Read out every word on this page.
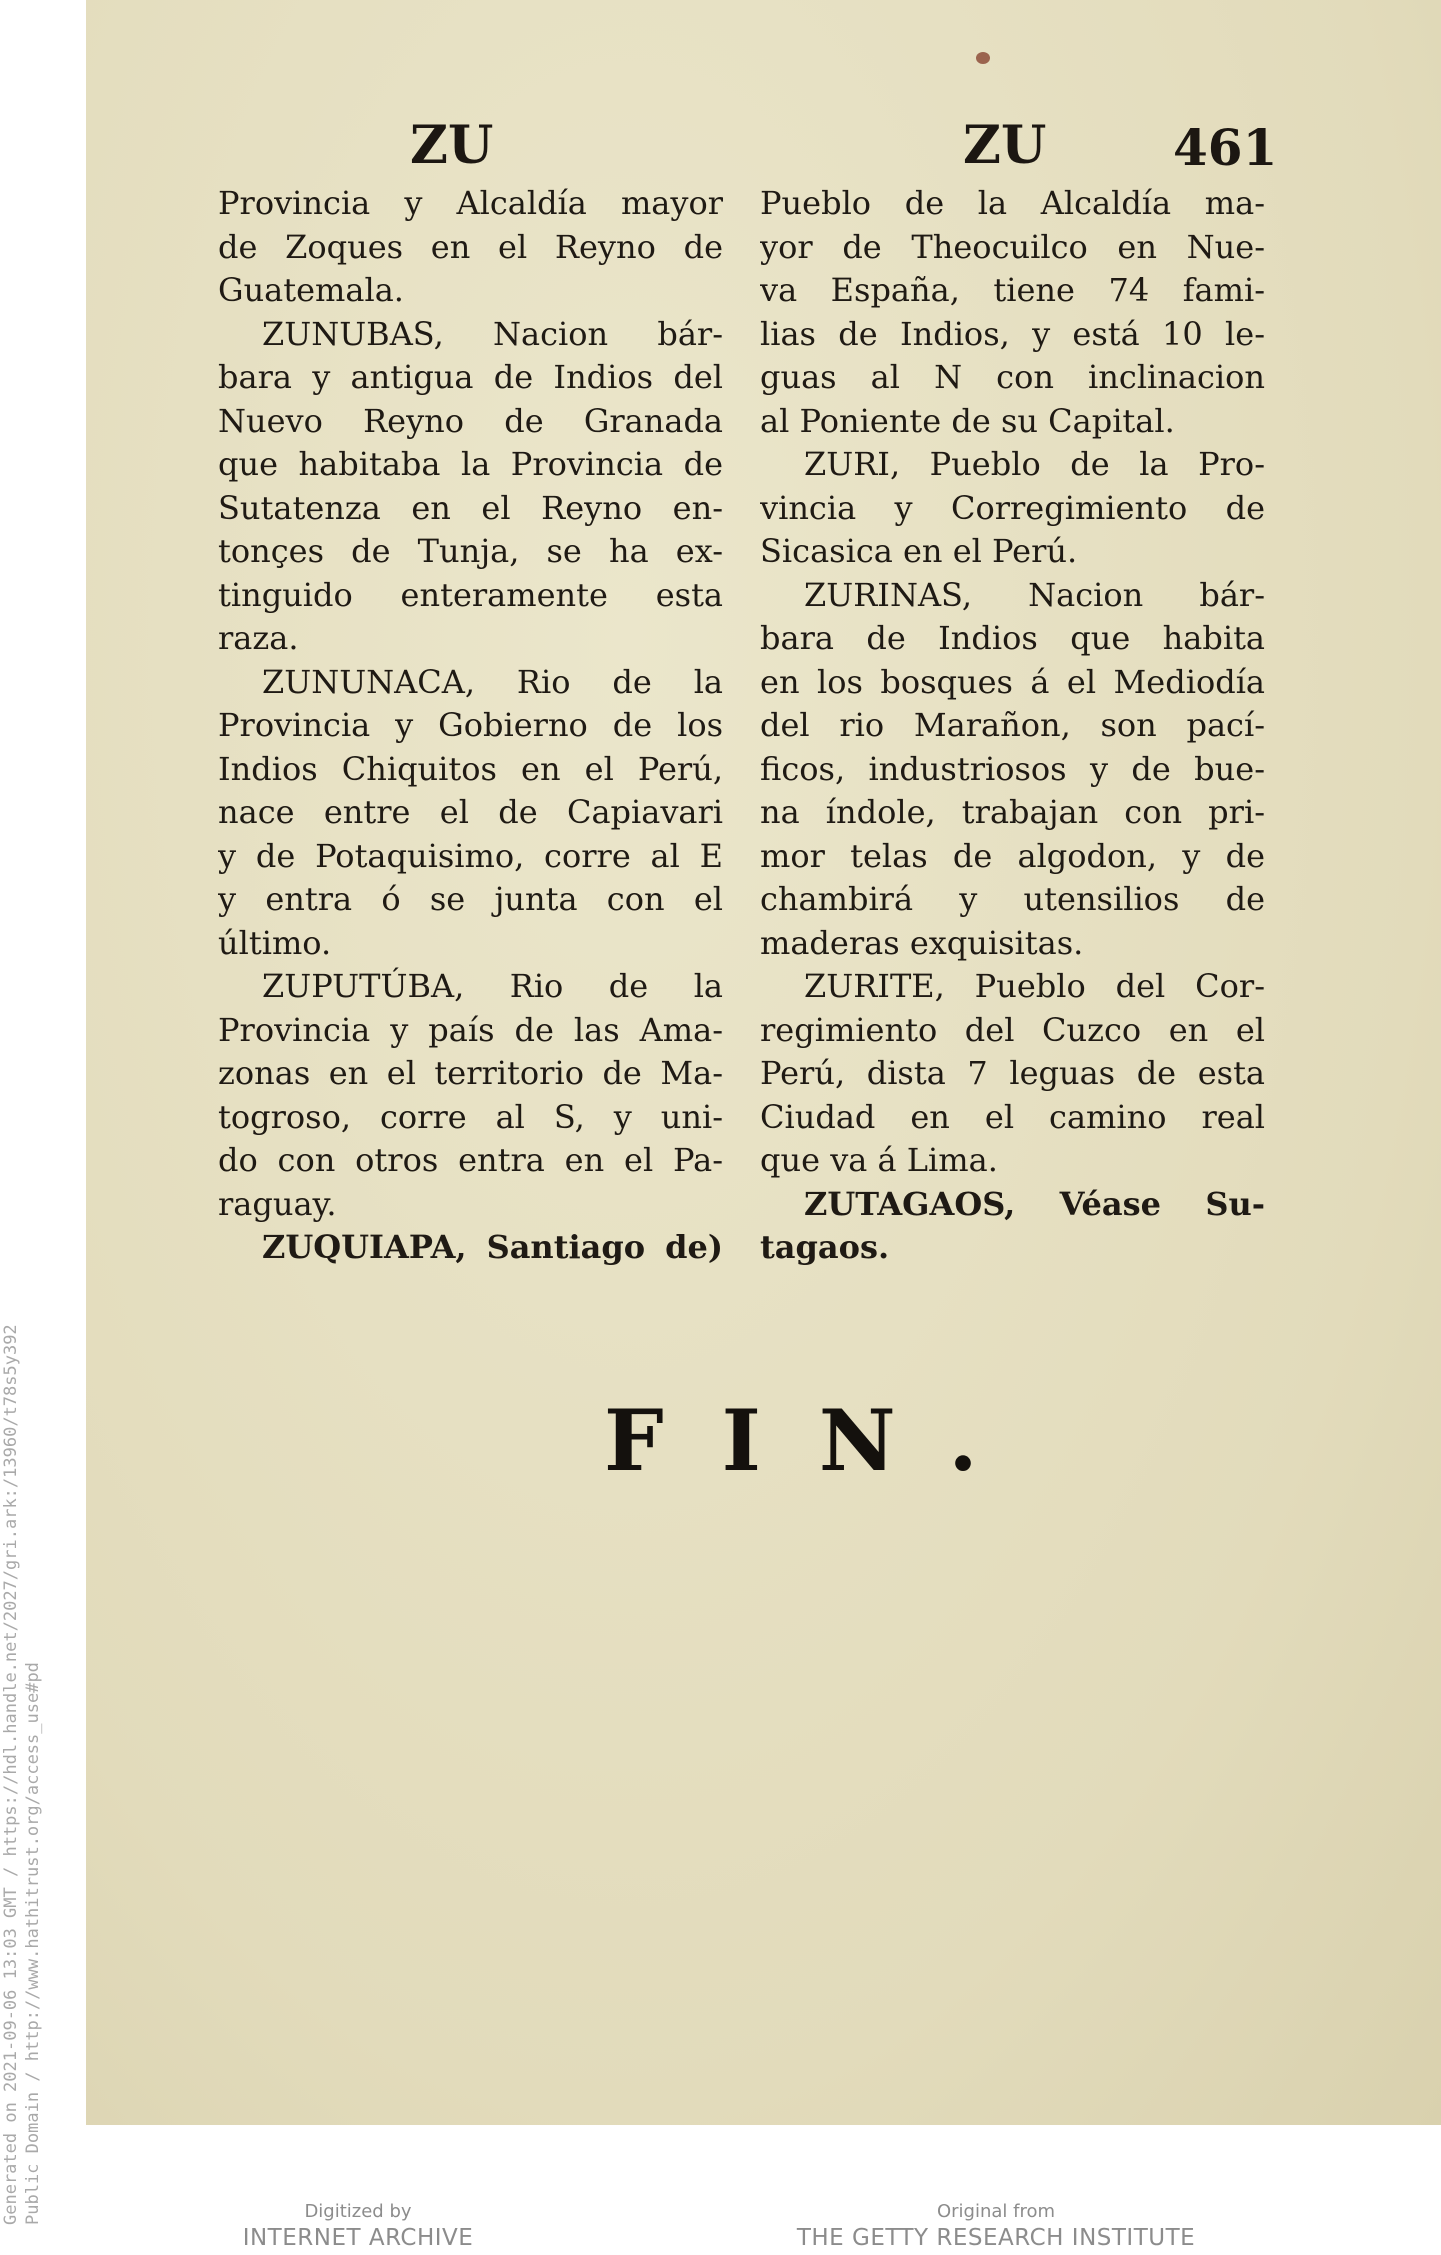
Generated on 2021-09-06 13:03 GMT / https://hdl.handle.net/2027/gri.ark:/13960/t78s5y392 Public Domain / http://www.hathitrust.org/access_use#pd
ZU	ZU	461
Provincia y Alcaldía mayor
de Zoques en el Reyno de
Guatemala.
ZUNUBAS, Nacion bár-
bara y antigua de Indios del
Nuevo Reyno de Granada
que habitaba la Provincia de
Sutatenza en el Reyno en-
tonçes de Tunja, se ha ex-
tinguido enteramente esta
raza.
ZUNUNACA, Rio de la
Provincia y Gobierno de los
Indios Chiquitos en el Perú,
nace entre el de Capiavari
y de Potaquisimo, corre al E
y entra ó se junta con el
último.
ZUPUTÚBA, Rio de la
Provincia y país de las Ama-
zonas en el territorio de Ma-
togroso, corre al S, y uni-
do con otros entra en el Pa-
raguay.
ZUQUIAPA, Santiago de)
Pueblo de la Alcaldía ma-
yor de Theocuilco en Nue-
va España, tiene 74 fami-
lias de Indios, y está 10 le-
guas al N con inclinacion
al Poniente de su Capital.
ZURI, Pueblo de la Pro-
vincia y Corregimiento de
Sicasica en el Perú.
ZURINAS, Nacion bár-
bara de Indios que habita
en los bosques á el Mediodía
del rio Marañon, son pací-
ficos, industriosos y de bue-
na índole, trabajan con pri-
mor telas de algodon, y de
chambirá y utensilios de
maderas exquisitas.
ZURITE, Pueblo del Cor-
regimiento del Cuzco en el
Perú, dista 7 leguas de esta
Ciudad en el camino real
que va á Lima.
ZUTAGAOS, Véase Su-
tagaos.
FIN.
Digitized by
INTERNET ARCHIVE
Original from
THE GETTY RESEARCH INSTITUTE
